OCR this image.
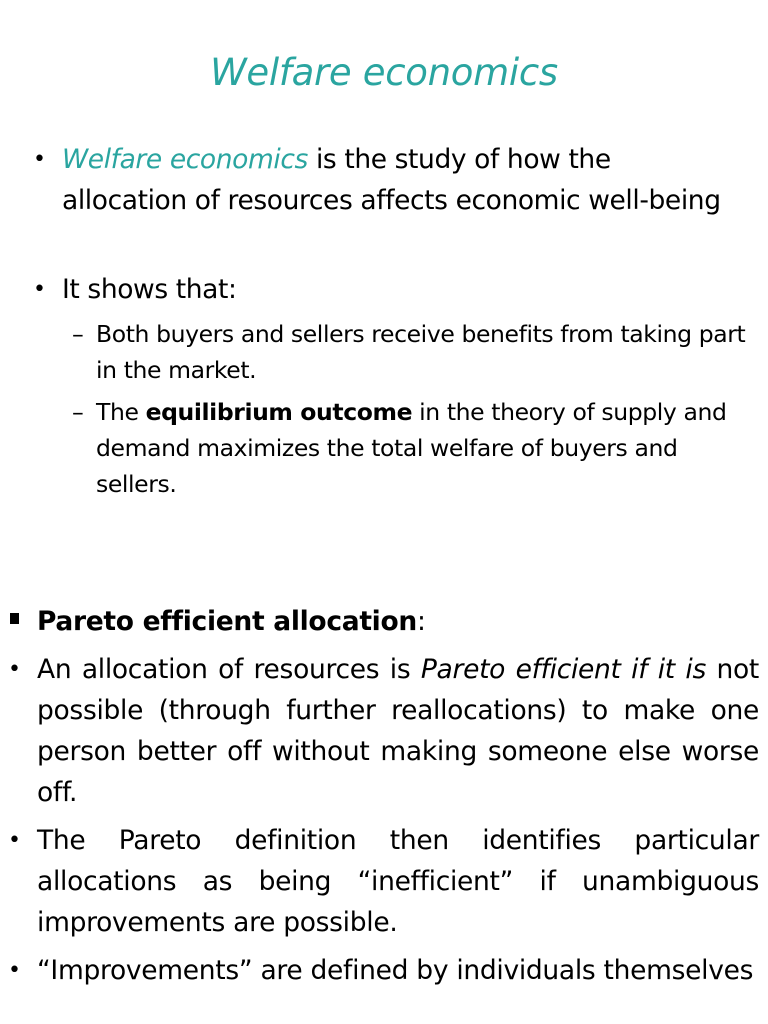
Welfare economics
• Welfare economics is the study of how the allocation of resources affects economic well-being
• It shows that:
– Both buyers and sellers receive benefits from taking part in the market.
– The equilibrium outcome in the theory of supply and demand maximizes the total welfare of buyers and sellers.
Pareto efficient allocation:
• An allocation of resources is Pareto efficient if it is not possible (through further reallocations) to make one person better off without making someone else worse off.
• The Pareto definition then identifies particular allocations as being “inefficient” if unambiguous improvements are possible.
• “Improvements” are defined by individuals themselves
